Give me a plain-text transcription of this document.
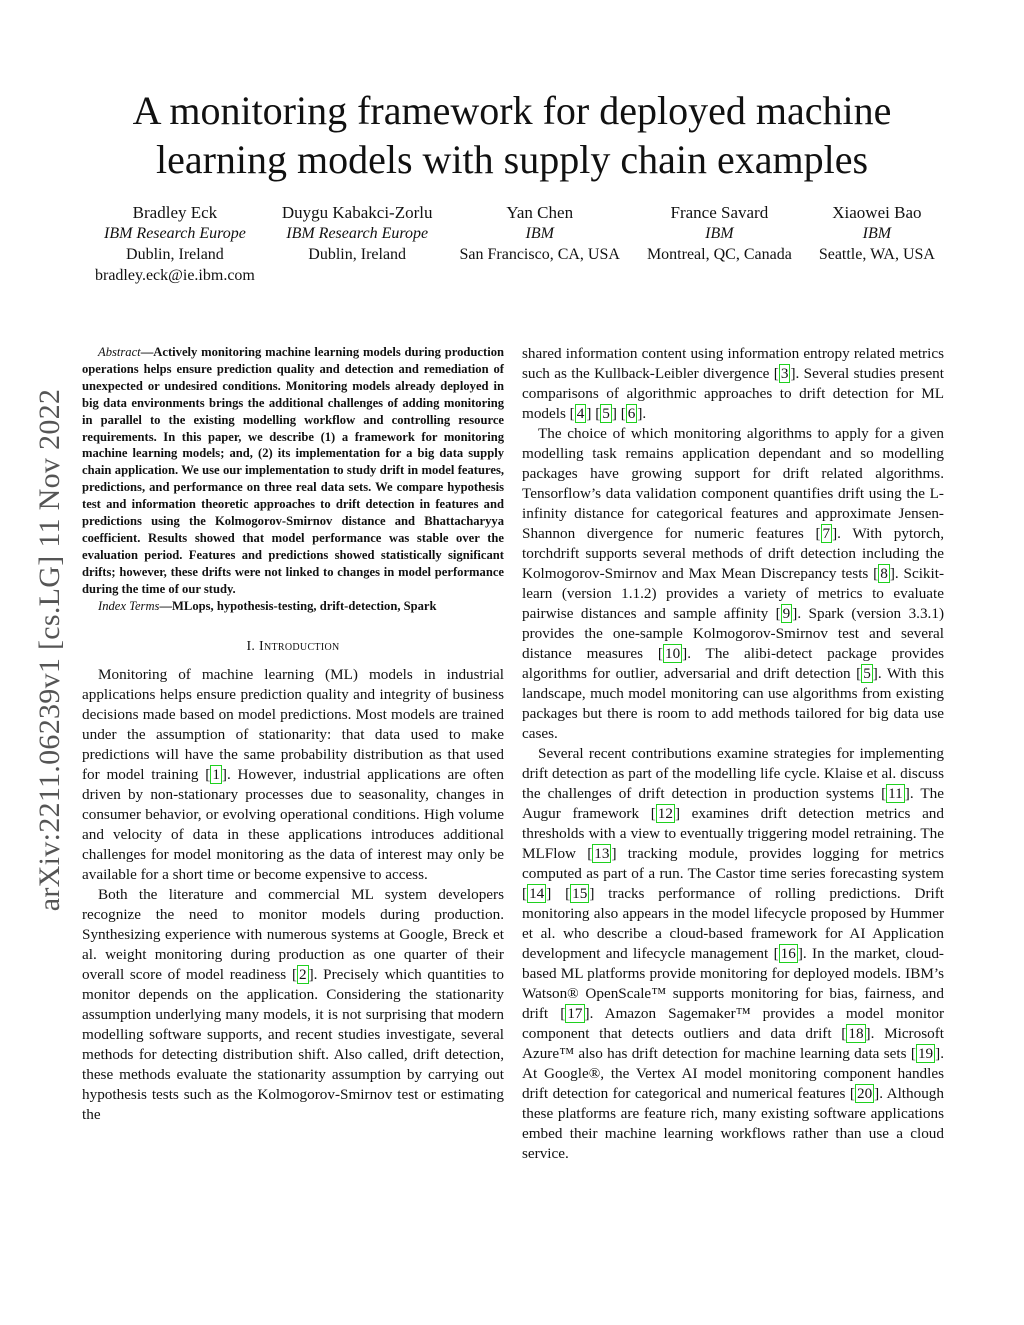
arXiv:2211.06239v1 [cs.LG] 11 Nov 2022
A monitoring framework for deployed machine
learning models with supply chain examples
Bradley Eck
IBM Research Europe
Dublin, Ireland
bradley.eck@ie.ibm.com
Duygu Kabakci-Zorlu
IBM Research Europe
Dublin, Ireland
Yan Chen
IBM
San Francisco, CA, USA
France Savard
IBM
Montreal, QC, Canada
Xiaowei Bao
IBM
Seattle, WA, USA

Abstract—Actively monitoring machine learning models during production operations helps ensure prediction quality and detection and remediation of unexpected or undesired conditions. Monitoring models already deployed in big data environments brings the additional challenges of adding monitoring in parallel to the existing modelling workflow and controlling resource requirements. In this paper, we describe (1) a framework for monitoring machine learning models; and, (2) its implementation for a big data supply chain application. We use our implementation to study drift in model features, predictions, and performance on three real data sets. We compare hypothesis test and information theoretic approaches to drift detection in features and predictions using the Kolmogorov-Smirnov distance and Bhattacharyya coefficient. Results showed that model performance was stable over the evaluation period. Features and predictions showed statistically significant drifts; however, these drifts were not linked to changes in model performance during the time of our study.

Index Terms—MLops, hypothesis-testing, drift-detection, Spark

I. Introduction

Monitoring of machine learning (ML) models in industrial applications helps ensure prediction quality and integrity of business decisions made based on model predictions. Most models are trained under the assumption of stationarity: that data used to make predictions will have the same probability distribution as that used for model training [ 1 ]. However, industrial applications are often driven by non-stationary processes due to seasonality, changes in consumer behavior, or evolving operational conditions. High volume and velocity of data in these applications introduces additional challenges for model monitoring as the data of interest may only be available for a short time or become expensive to access.

Both the literature and commercial ML system developers recognize the need to monitor models during production. Synthesizing experience with numerous systems at Google, Breck et al. weight monitoring during production as one quarter of their overall score of model readiness [ 2 ]. Precisely which quantities to monitor depends on the application. Considering the stationarity assumption underlying many models, it is not surprising that modern modelling software supports, and recent studies investigate, several methods for detecting distribution shift. Also called, drift detection, these methods evaluate the stationarity assumption by carrying out hypothesis tests such as the Kolmogorov-Smirnov test or estimating the

shared information content using information entropy related metrics such as the Kullback-Leibler divergence [ 3 ]. Several studies present comparisons of algorithmic approaches to drift detection for ML models [ 4 ] [ 5 ] [ 6 ].

The choice of which monitoring algorithms to apply for a given modelling task remains application dependant and so modelling packages have growing support for drift related algorithms. Tensorflow’s data validation component quantifies drift using the L-infinity distance for categorical features and approximate Jensen-Shannon divergence for numeric features [ 7 ]. With pytorch, torchdrift supports several methods of drift detection including the Kolmogorov-Smirnov and Max Mean Discrepancy tests [ 8 ]. Scikit-learn (version 1.1.2) provides a variety of metrics to evaluate pairwise distances and sample affinity [ 9 ]. Spark (version 3.3.1) provides the one-sample Kolmogorov-Smirnov test and several distance measures [ 10 ]. The alibi-detect package provides algorithms for outlier, adversarial and drift detection [ 5 ]. With this landscape, much model monitoring can use algorithms from existing packages but there is room to add methods tailored for big data use cases.

Several recent contributions examine strategies for implementing drift detection as part of the modelling life cycle. Klaise et al. discuss the challenges of drift detection in production systems [ 11 ]. The Augur framework [ 12 ] examines drift detection metrics and thresholds with a view to eventually triggering model retraining. The MLFlow [ 13 ] tracking module, provides logging for metrics computed as part of a run. The Castor time series forecasting system [ 14 ] [ 15 ] tracks performance of rolling predictions. Drift monitoring also appears in the model lifecycle proposed by Hummer et al. who describe a cloud-based framework for AI Application development and lifecycle management [ 16 ]. In the market, cloud-based ML platforms provide monitoring for deployed models. IBM’s Watson® OpenScale™ supports monitoring for bias, fairness, and drift [ 17 ]. Amazon Sagemaker™ provides a model monitor component that detects outliers and data drift [ 18 ]. Microsoft Azure™ also has drift detection for machine learning data sets [ 19 ]. At Google®, the Vertex AI model monitoring component handles drift detection for categorical and numerical features [ 20 ]. Although these platforms are feature rich, many existing software applications embed their machine learning workflows rather than use a cloud service.
